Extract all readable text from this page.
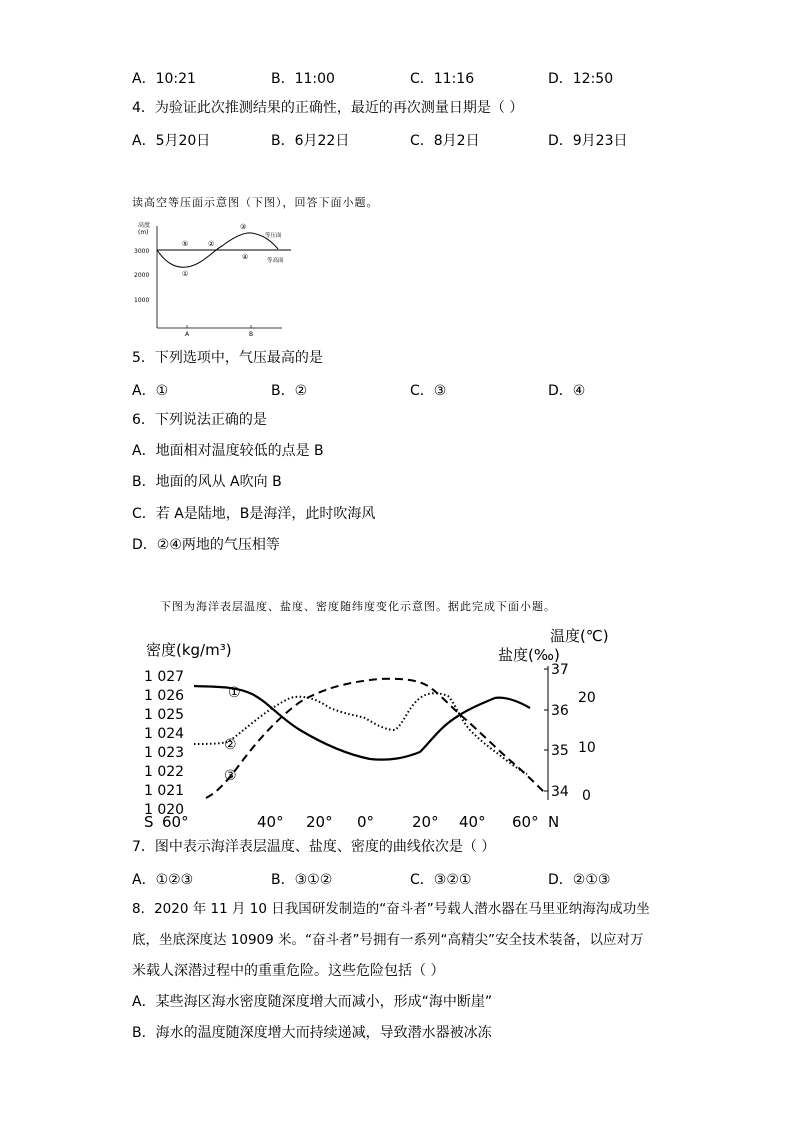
A．10:21	B．11:00	C．11:16	D．12:50
4．为验证此次推测结果的正确性，最近的再次测量日期是（ ）
A．5月20日	B．6月22日	C．8月2日	D．9月23日
读高空等压面示意图（下图），回答下面小题。
高度
(m)
3000
2000
1000
A	B
等压面
等高面
⑤	②
③
①
④
5．下列选项中，气压最高的是
A．①	B．②	C．③	D．④
6．下列说法正确的是
A．地面相对温度较低的点是 B
B．地面的风从 A吹向 B
C．若 A是陆地，B是海洋，此时吹海风
D．②④两地的气压相等
下图为海洋表层温度、盐度、密度随纬度变化示意图。据此完成下面小题。
密度(kg/m³)	盐度(‰)
温度(℃)
1 027
1 026
1 025
1 024
1 023
1 022
1 021
1 020
37
36
35
34
20
10
0
①
②
③
S	N
60°	40° 20° 0°	20° 40° 60°
7．图中表示海洋表层温度、盐度、密度的曲线依次是（ ）
A．①②③	B．③①②	C．③②①	D．②①③
8．2020 年 11 月 10 日我国研发制造的“奋斗者”号载人潜水器在马里亚纳海沟成功坐
底，坐底深度达 10909 米。“奋斗者”号拥有一系列“高精尖”安全技术装备，以应对万
米载人深潜过程中的重重危险。这些危险包括（ ）
A．某些海区海水密度随深度增大而减小，形成“海中断崖”
B．海水的温度随深度增大而持续递减，导致潜水器被冰冻
